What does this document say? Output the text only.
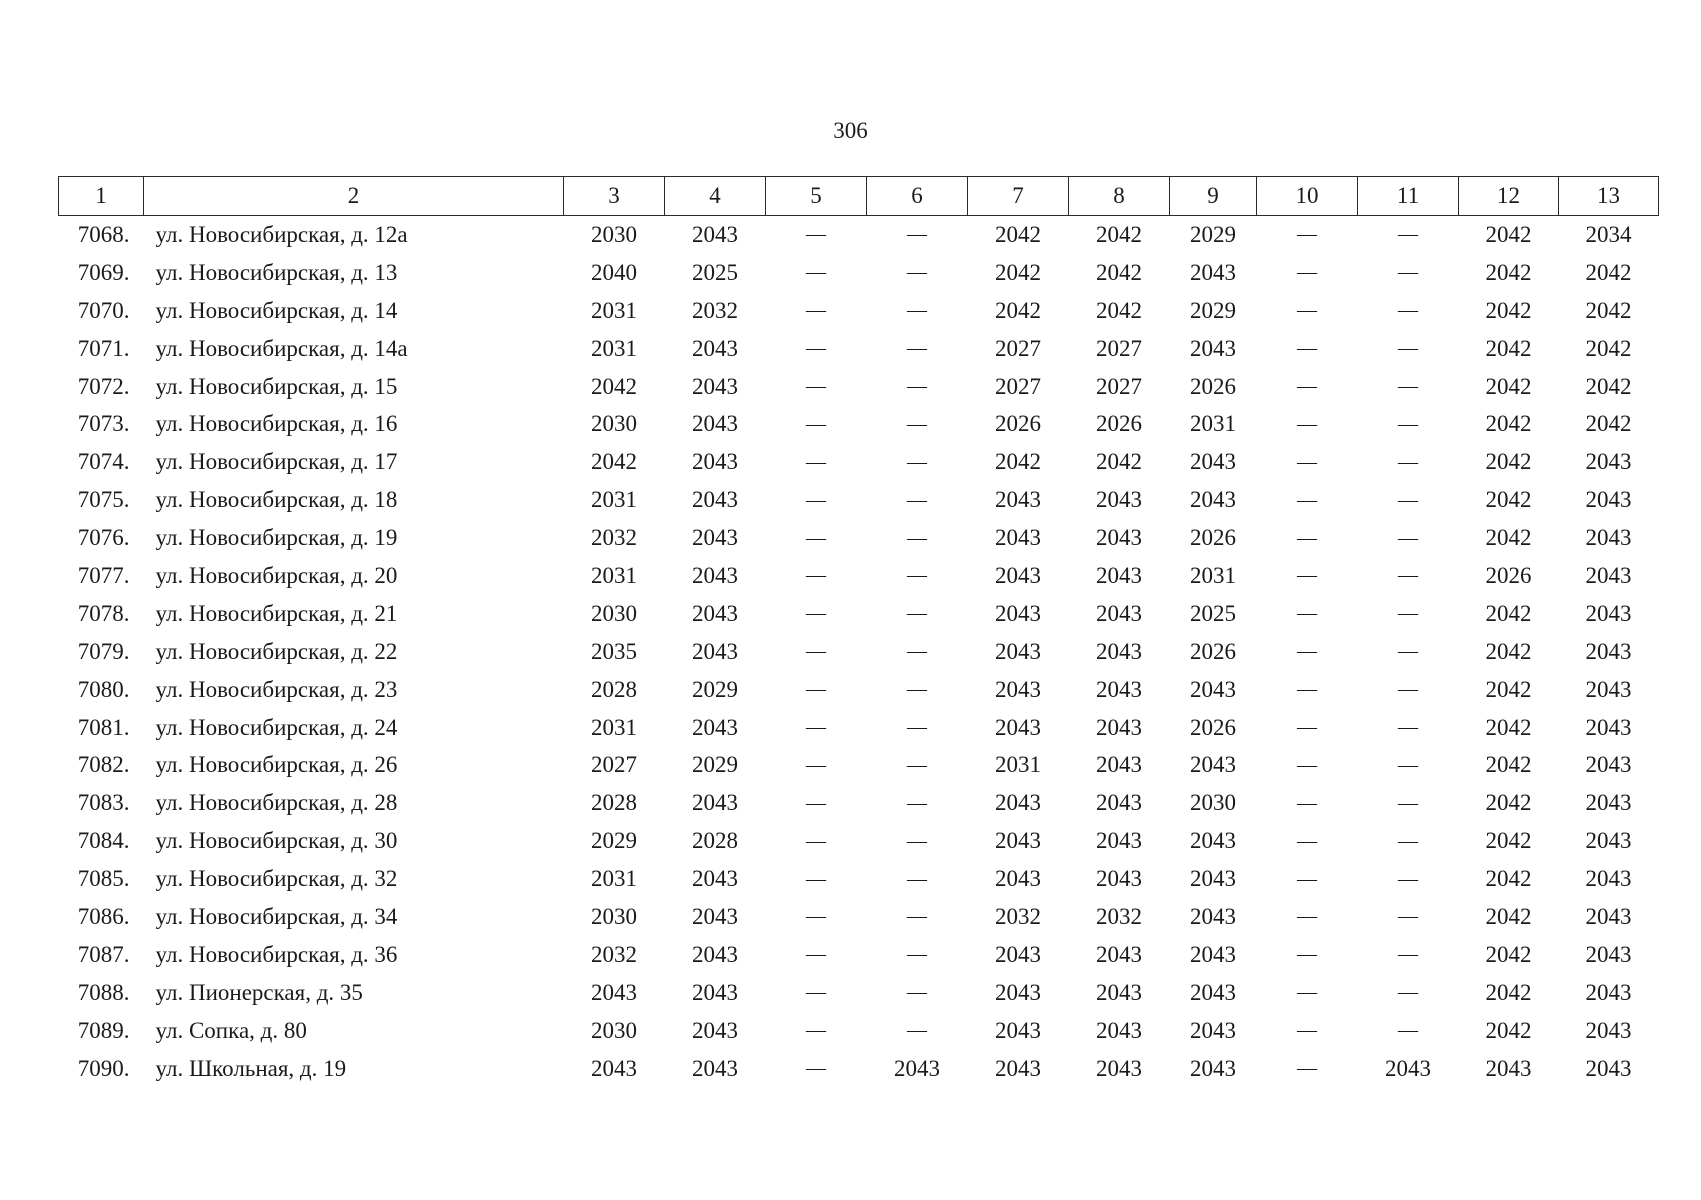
306
1	2	3	4	5	6	7	8	9	10	11	12	13
7068.	ул. Новосибирская, д. 12а	2030	2043	—	—	2042	2042	2029	—	—	2042	2034
7069.	ул. Новосибирская, д. 13	2040	2025	—	—	2042	2042	2043	—	—	2042	2042
7070.	ул. Новосибирская, д. 14	2031	2032	—	—	2042	2042	2029	—	—	2042	2042
7071.	ул. Новосибирская, д. 14а	2031	2043	—	—	2027	2027	2043	—	—	2042	2042
7072.	ул. Новосибирская, д. 15	2042	2043	—	—	2027	2027	2026	—	—	2042	2042
7073.	ул. Новосибирская, д. 16	2030	2043	—	—	2026	2026	2031	—	—	2042	2042
7074.	ул. Новосибирская, д. 17	2042	2043	—	—	2042	2042	2043	—	—	2042	2043
7075.	ул. Новосибирская, д. 18	2031	2043	—	—	2043	2043	2043	—	—	2042	2043
7076.	ул. Новосибирская, д. 19	2032	2043	—	—	2043	2043	2026	—	—	2042	2043
7077.	ул. Новосибирская, д. 20	2031	2043	—	—	2043	2043	2031	—	—	2026	2043
7078.	ул. Новосибирская, д. 21	2030	2043	—	—	2043	2043	2025	—	—	2042	2043
7079.	ул. Новосибирская, д. 22	2035	2043	—	—	2043	2043	2026	—	—	2042	2043
7080.	ул. Новосибирская, д. 23	2028	2029	—	—	2043	2043	2043	—	—	2042	2043
7081.	ул. Новосибирская, д. 24	2031	2043	—	—	2043	2043	2026	—	—	2042	2043
7082.	ул. Новосибирская, д. 26	2027	2029	—	—	2031	2043	2043	—	—	2042	2043
7083.	ул. Новосибирская, д. 28	2028	2043	—	—	2043	2043	2030	—	—	2042	2043
7084.	ул. Новосибирская, д. 30	2029	2028	—	—	2043	2043	2043	—	—	2042	2043
7085.	ул. Новосибирская, д. 32	2031	2043	—	—	2043	2043	2043	—	—	2042	2043
7086.	ул. Новосибирская, д. 34	2030	2043	—	—	2032	2032	2043	—	—	2042	2043
7087.	ул. Новосибирская, д. 36	2032	2043	—	—	2043	2043	2043	—	—	2042	2043
7088.	ул. Пионерская, д. 35	2043	2043	—	—	2043	2043	2043	—	—	2042	2043
7089.	ул. Сопка, д. 80	2030	2043	—	—	2043	2043	2043	—	—	2042	2043
7090.	ул. Школьная, д. 19	2043	2043	—	2043	2043	2043	2043	—	2043	2043	2043
